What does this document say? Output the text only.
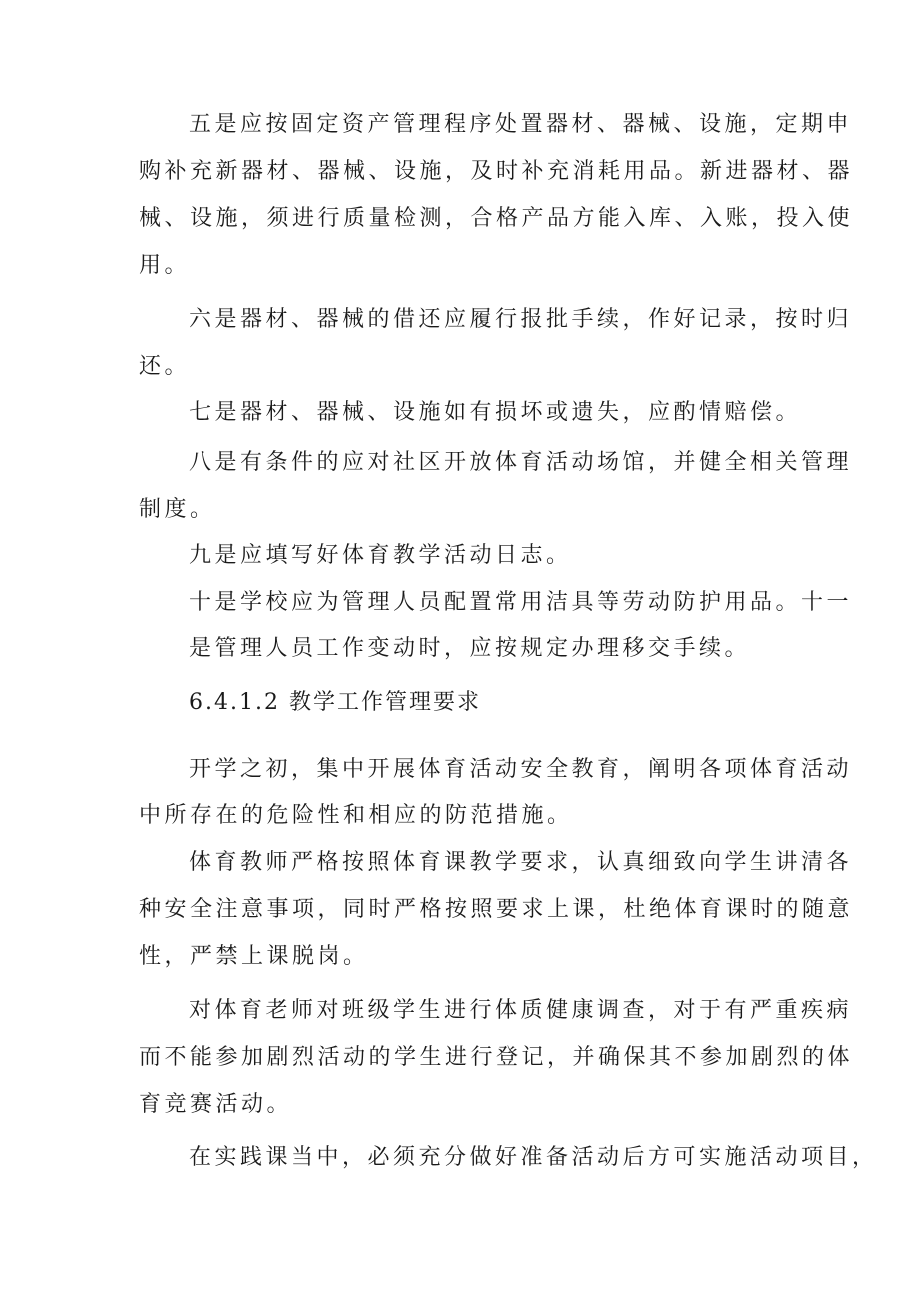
五是应按固定资产管理程序处置器材、器械、设施，定期申
购补充新器材、器械、设施，及时补充消耗用品。新进器材、器
械、设施，须进行质量检测，合格产品方能入库、入账，投入使
用。
六是器材、器械的借还应履行报批手续，作好记录，按时归
还。
七是器材、器械、设施如有损坏或遗失，应酌情赔偿。
八是有条件的应对社区开放体育活动场馆，并健全相关管理
制度。
九是应填写好体育教学活动日志。
十是学校应为管理人员配置常用洁具等劳动防护用品。十一
是管理人员工作变动时，应按规定办理移交手续。
6.4.1.2 教学工作管理要求
开学之初，集中开展体育活动安全教育，阐明各项体育活动
中所存在的危险性和相应的防范措施。
体育教师严格按照体育课教学要求，认真细致向学生讲清各
种安全注意事项，同时严格按照要求上课，杜绝体育课时的随意
性，严禁上课脱岗。
对体育老师对班级学生进行体质健康调查，对于有严重疾病
而不能参加剧烈活动的学生进行登记，并确保其不参加剧烈的体
育竞赛活动。
在实践课当中，必须充分做好准备活动后方可实施活动项目，
